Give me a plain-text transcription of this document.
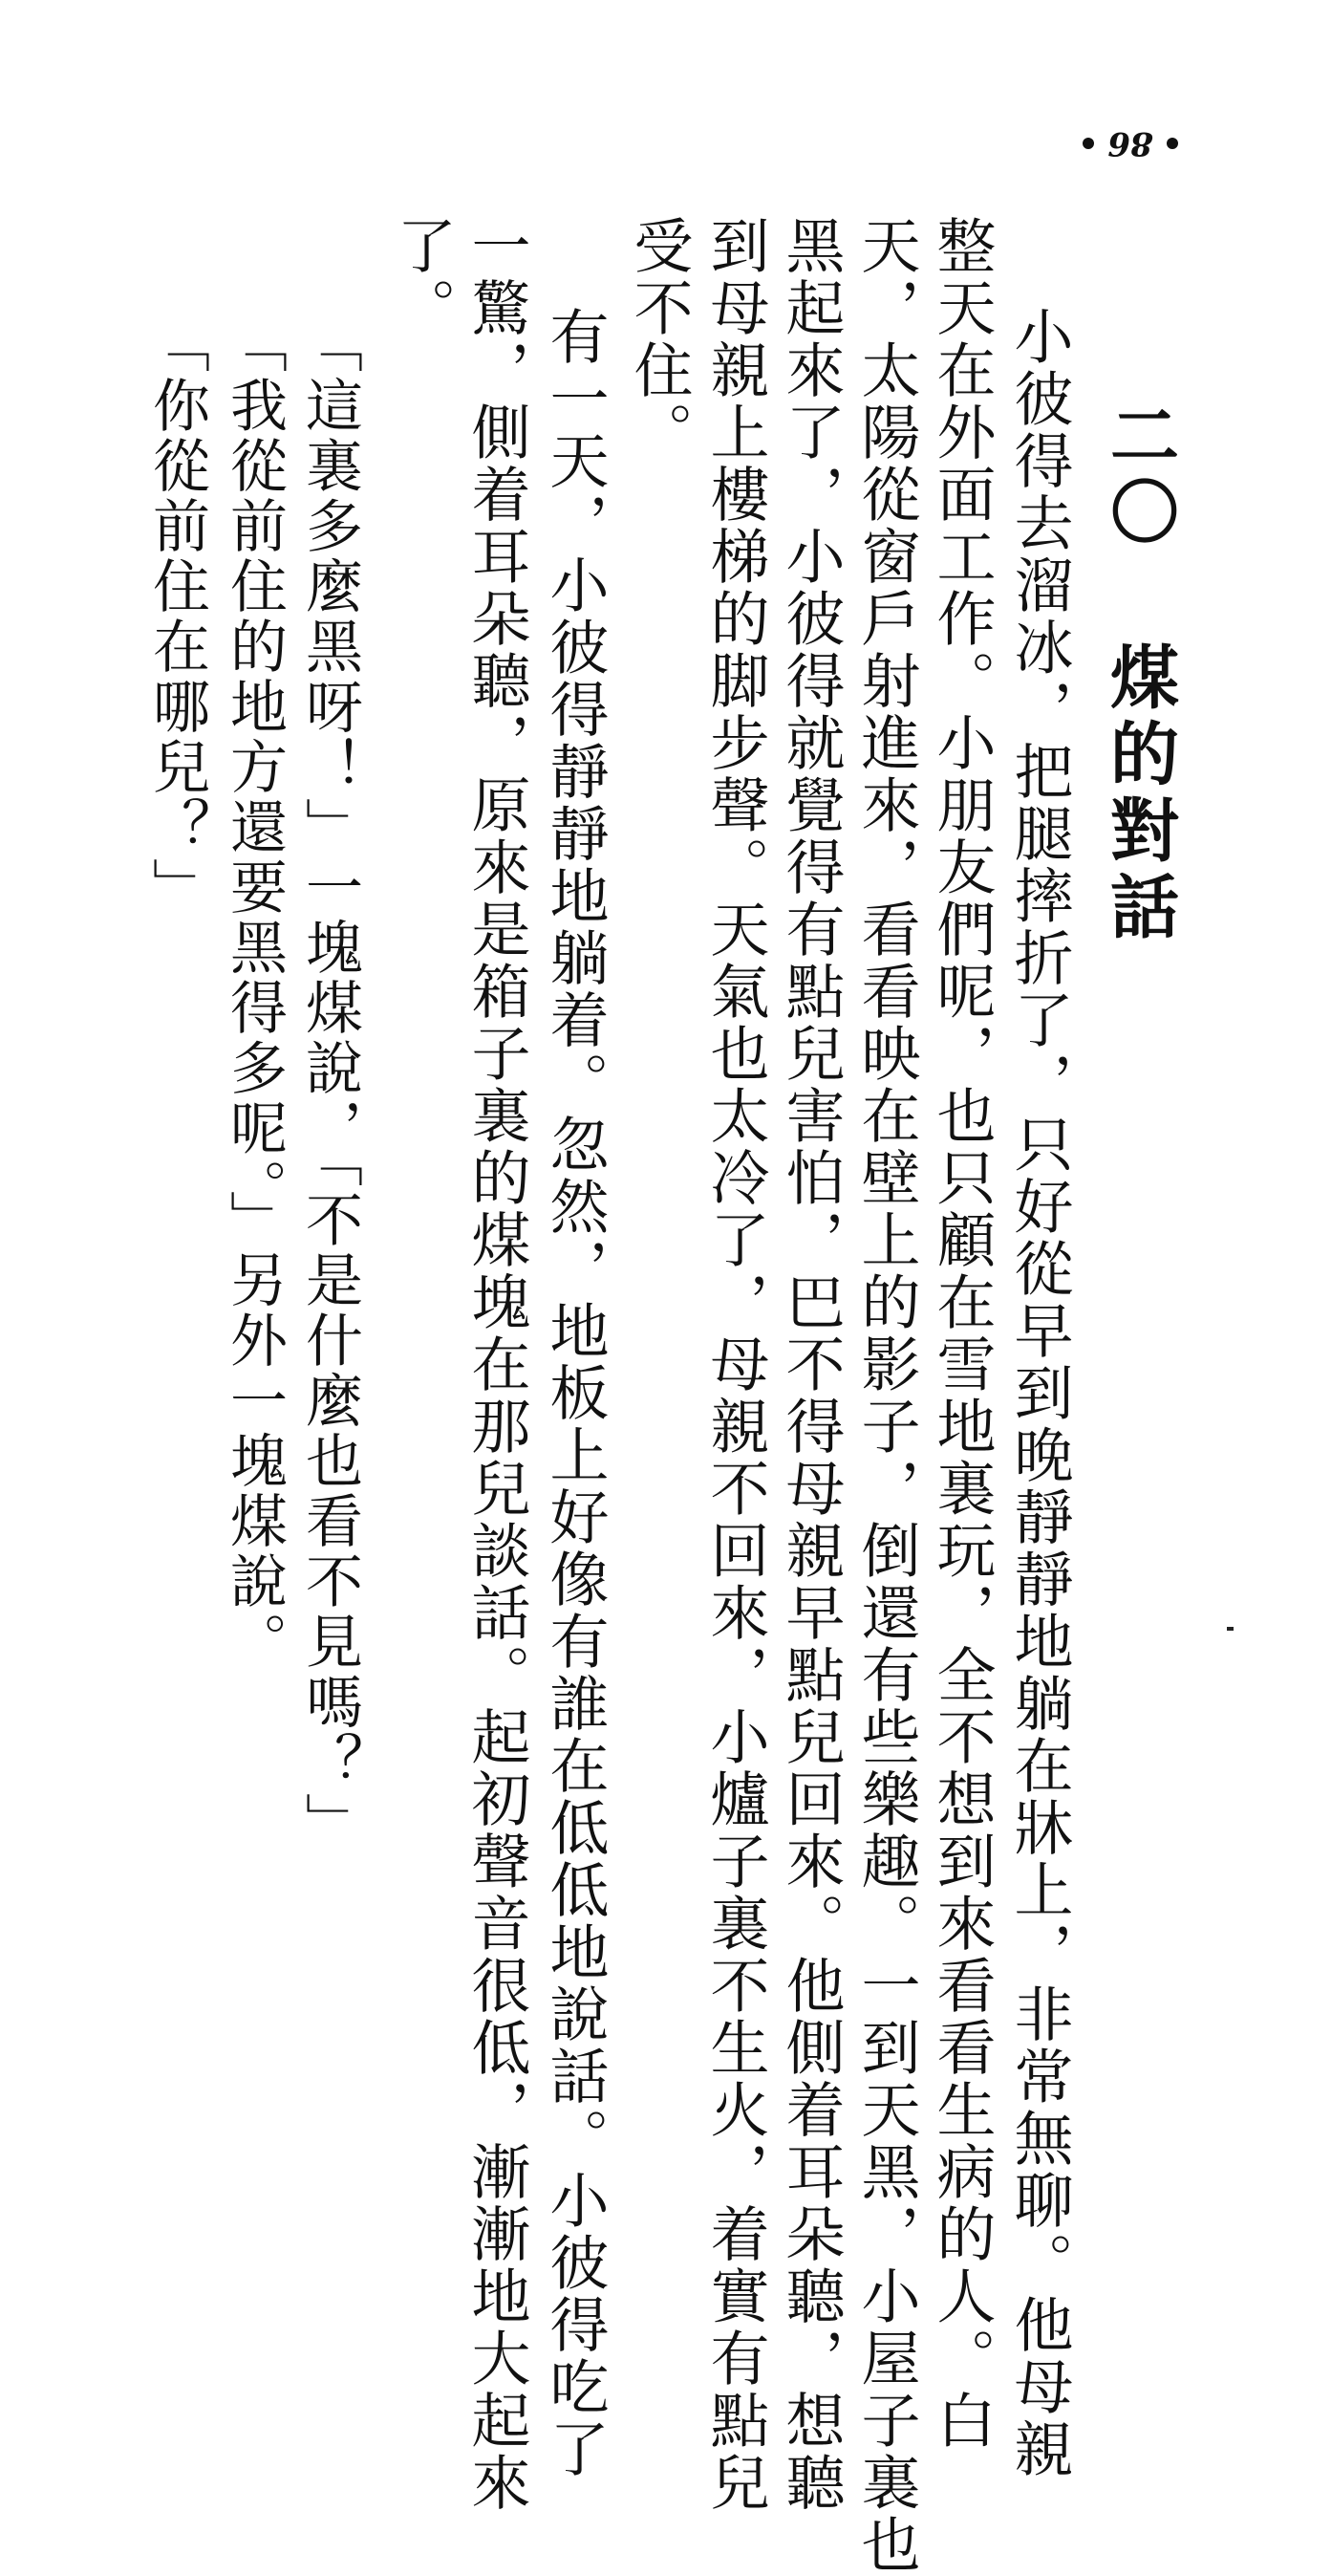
86
二〇 煤的對話
小彼得去溜冰，把腿摔折了，只好從早到晚靜靜地躺在牀上，非常無聊。他母親
整天在外面工作。小朋友們呢，也只顧在雪地裏玩，全不想到來看看生病的人。白
天，太陽從窗戶射進來，看看映在壁上的影子，倒還有些樂趣。一到天黑，小屋子裏也
黑起來了，小彼得就覺得有點兒害怕，巴不得母親早點兒回來。他側着耳朵聽，想聽
到母親上樓梯的脚步聲。天氣也太冷了，母親不回來，小爐子裏不生火，着實有點兒
受不住。
有一天，小彼得靜靜地躺着。忽然，地板上好像有誰在低低地說話。小彼得吃了
一驚，側着耳朵聽，原來是箱子裏的煤塊在那兒談話。起初聲音很低，漸漸地大起來
了。
「這裏多麼黑呀！」一塊煤說，「不是什麼也看不見嗎？」
「我從前住的地方還要黑得多呢。」另外一塊煤說。
「你從前住在哪兒？」
